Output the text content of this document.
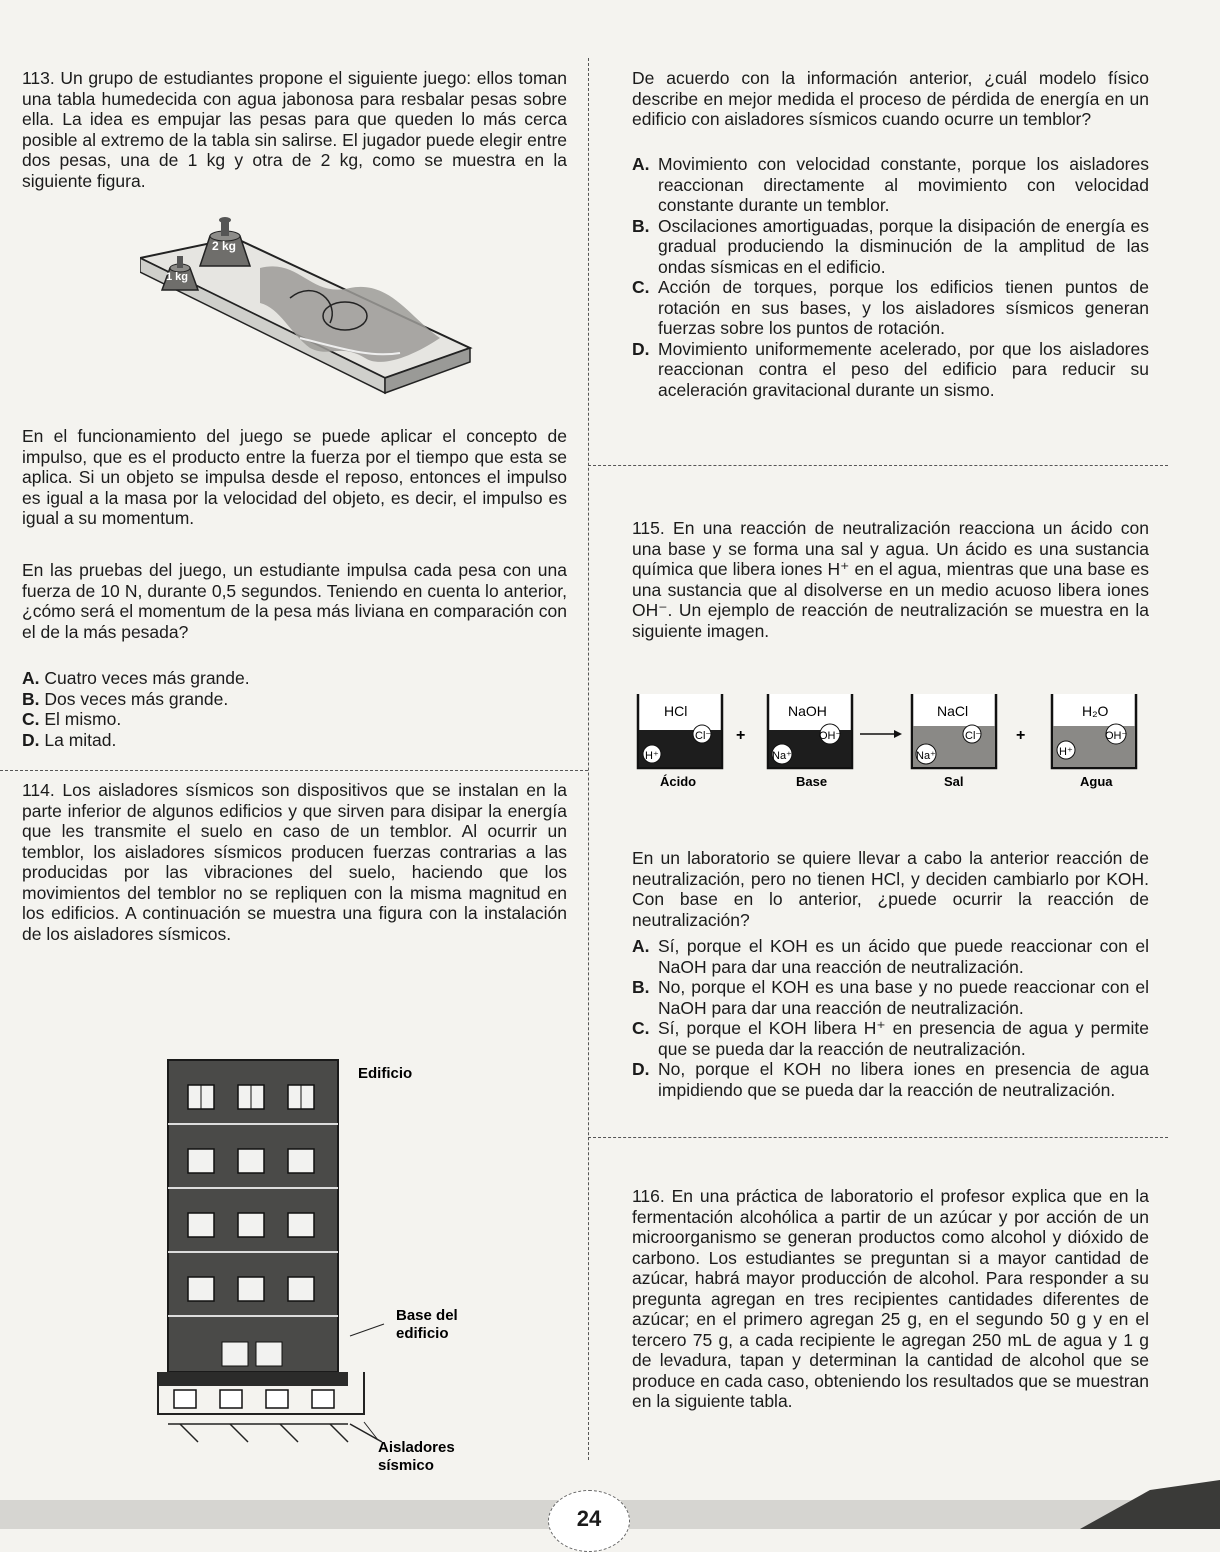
113. Un grupo de estudiantes propone el siguiente juego: ellos toman una tabla humedecida con agua jabonosa para resbalar pesas sobre ella. La idea es empujar las pesas para que queden lo más cerca posible al extremo de la tabla sin salirse. El jugador puede elegir entre dos pesas, una de 1 kg y otra de 2 kg, como se muestra en la siguiente figura.

2 kg
1 kg

En el funcionamiento del juego se puede aplicar el concepto de impulso, que es el producto entre la fuerza por el tiempo que esta se aplica. Si un objeto se impulsa desde el reposo, entonces el impulso es igual a la masa por la velocidad del objeto, es decir, el impulso es igual a su momentum.

En las pruebas del juego, un estudiante impulsa cada pesa con una fuerza de 10 N, durante 0,5 segundos. Teniendo en cuenta lo anterior, ¿cómo será el momentum de la pesa más liviana en comparación con el de la más pesada?

A. Cuatro veces más grande.
B. Dos veces más grande.
C. El mismo.
D. La mitad.

114. Los aisladores sísmicos son dispositivos que se instalan en la parte inferior de algunos edificios y que sirven para disipar la energía que les transmite el suelo en caso de un temblor. Al ocurrir un temblor, los aisladores sísmicos producen fuerzas contrarias a las producidas por las vibraciones del suelo, haciendo que los movimientos del temblor no se repliquen con la misma magnitud en los edificios. A continuación se muestra una figura con la instalación de los aisladores sísmicos.

Edificio
Base del
edificio
Aisladores
sísmico

De acuerdo con la información anterior, ¿cuál modelo físico describe en mejor medida el proceso de pérdida de energía en un edificio con aisladores sísmicos cuando ocurre un temblor?

A. Movimiento con velocidad constante, porque los aisladores reaccionan directamente al movimiento con velocidad constante durante un temblor.
B. Oscilaciones amortiguadas, porque la disipación de energía es gradual produciendo la disminución de la amplitud de las ondas sísmicas en el edificio.
C. Acción de torques, porque los edificios tienen puntos de rotación en sus bases, y los aisladores sísmicos generan fuerzas sobre los puntos de rotación.
D. Movimiento uniformemente acelerado, por que los aisladores reaccionan contra el peso del edificio para reducir su aceleración gravitacional durante un sismo.

115. En una reacción de neutralización reacciona un ácido con una base y se forma una sal y agua. Un ácido es una sustancia química que libera iones H⁺ en el agua, mientras que una base es una sustancia que al disolverse en un medio acuoso libera iones OH⁻. Un ejemplo de reacción de neutralización se muestra en la siguiente imagen.

HCl
Cl⁻
H⁺
Ácido
+
NaOH
OH⁻
Na⁺
Base
NaCl
Cl⁻
Na⁺
Sal
+
H₂O
OH⁻
H⁺
Agua

En un laboratorio se quiere llevar a cabo la anterior reacción de neutralización, pero no tienen HCl, y deciden cambiarlo por KOH. Con base en lo anterior, ¿puede ocurrir la reacción de neutralización?

A. Sí, porque el KOH es un ácido que puede reaccionar con el NaOH para dar una reacción de neutralización.
B. No, porque el KOH es una base y no puede reaccionar con el NaOH para dar una reacción de neutralización.
C. Sí, porque el KOH libera H⁺ en presencia de agua y permite que se pueda dar la reacción de neutralización.
D. No, porque el KOH no libera iones en presencia de agua impidiendo que se pueda dar la reacción de neutralización.

116. En una práctica de laboratorio el profesor explica que en la fermentación alcohólica a partir de un azúcar y por acción de un microorganismo se generan productos como alcohol y dióxido de carbono. Los estudiantes se preguntan si a mayor cantidad de azúcar, habrá mayor producción de alcohol. Para responder a su pregunta agregan en tres recipientes cantidades diferentes de azúcar; en el primero agregan 25 g, en el segundo 50 g y en el tercero 75 g, a cada recipiente le agregan 250 mL de agua y 1 g de levadura, tapan y determinan la cantidad de alcohol que se produce en cada caso, obteniendo los resultados que se muestran en la siguiente tabla.

24
